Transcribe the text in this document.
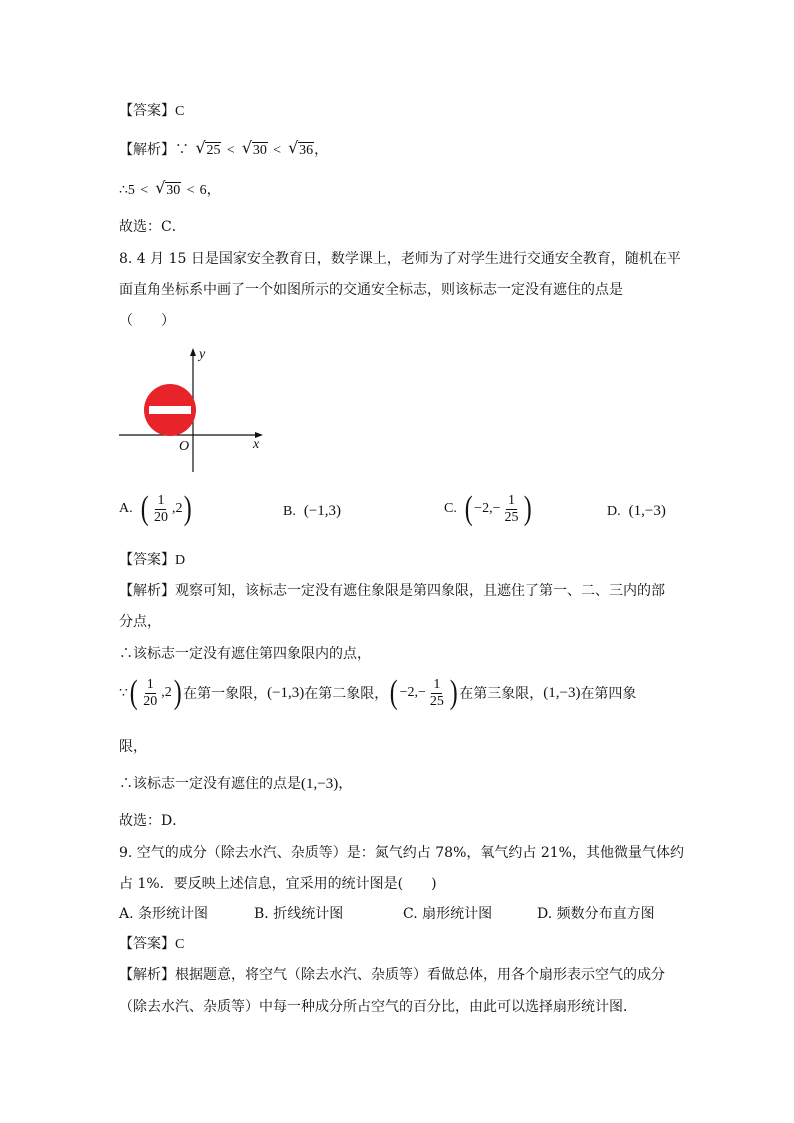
【答案】C
【解析】∵ √ 25 < √ 30 < √ 36，
∴5 < √ 30 < 6，
故选：C．
8. 4 月 15 日是国家安全教育日，数学课上，老师为了对学生进行交通安全教育，随机在平
面直角坐标系中画了一个如图所示的交通安全标志，则该标志一定没有遮住的点是
（　　）
y
x
O
A. ( $\frac{1}{20} ,2$ )	B. (−1,3)	C. ( $-2,- \frac{1}{25}$ )	D. (1,−3)
【答案】D
【解析】观察可知，该标志一定没有遮住象限是第四象限，且遮住了第一、二、三内的部
分点，
∴该标志一定没有遮住第四象限内的点，
∵ ( $\frac{1}{20} ,2$ ) 在第一象限， (−1,3) 在第二象限， ( $-2,- \frac{1}{25}$ ) 在第三象限， (1,−3) 在第四象
限，
∴该标志一定没有遮住的点是(1,−3)，
故选：D．
9. 空气的成分（除去水汽、杂质等）是：氮气约占 78%，氧气约占 21%，其他微量气体约
占 1%．要反映上述信息，宜采用的统计图是(　　)
A. 条形统计图	B. 折线统计图	C. 扇形统计图	D. 频数分布直方图
【答案】C
【解析】根据题意，将空气（除去水汽、杂质等）看做总体，用各个扇形表示空气的成分
（除去水汽、杂质等）中每一种成分所占空气的百分比，由此可以选择扇形统计图．
